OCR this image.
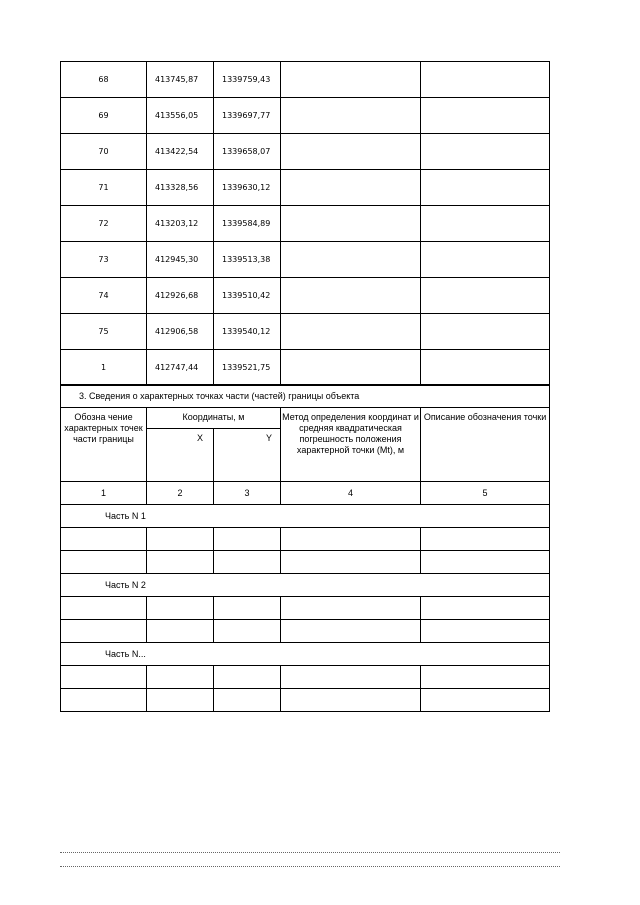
68	413745,87	1339759,43		
69	413556,05	1339697,77		
70	413422,54	1339658,07		
71	413328,56	1339630,12		
72	413203,12	1339584,89		
73	412945,30	1339513,38		
74	412926,68	1339510,42		
75	412906,58	1339540,12		
1	412747,44	1339521,75		
3. Сведения о характерных точках части (частей) границы объекта				
Обозна чение характерных точек части границы	Координаты, м		Метод определения координат и средняя квадратическая погрешность положения характерной точки (Mt), м	Описание обозначения точки
	X	Y		
1	2	3	4	5
Часть N 1				

Часть N 2				

Часть N...				
